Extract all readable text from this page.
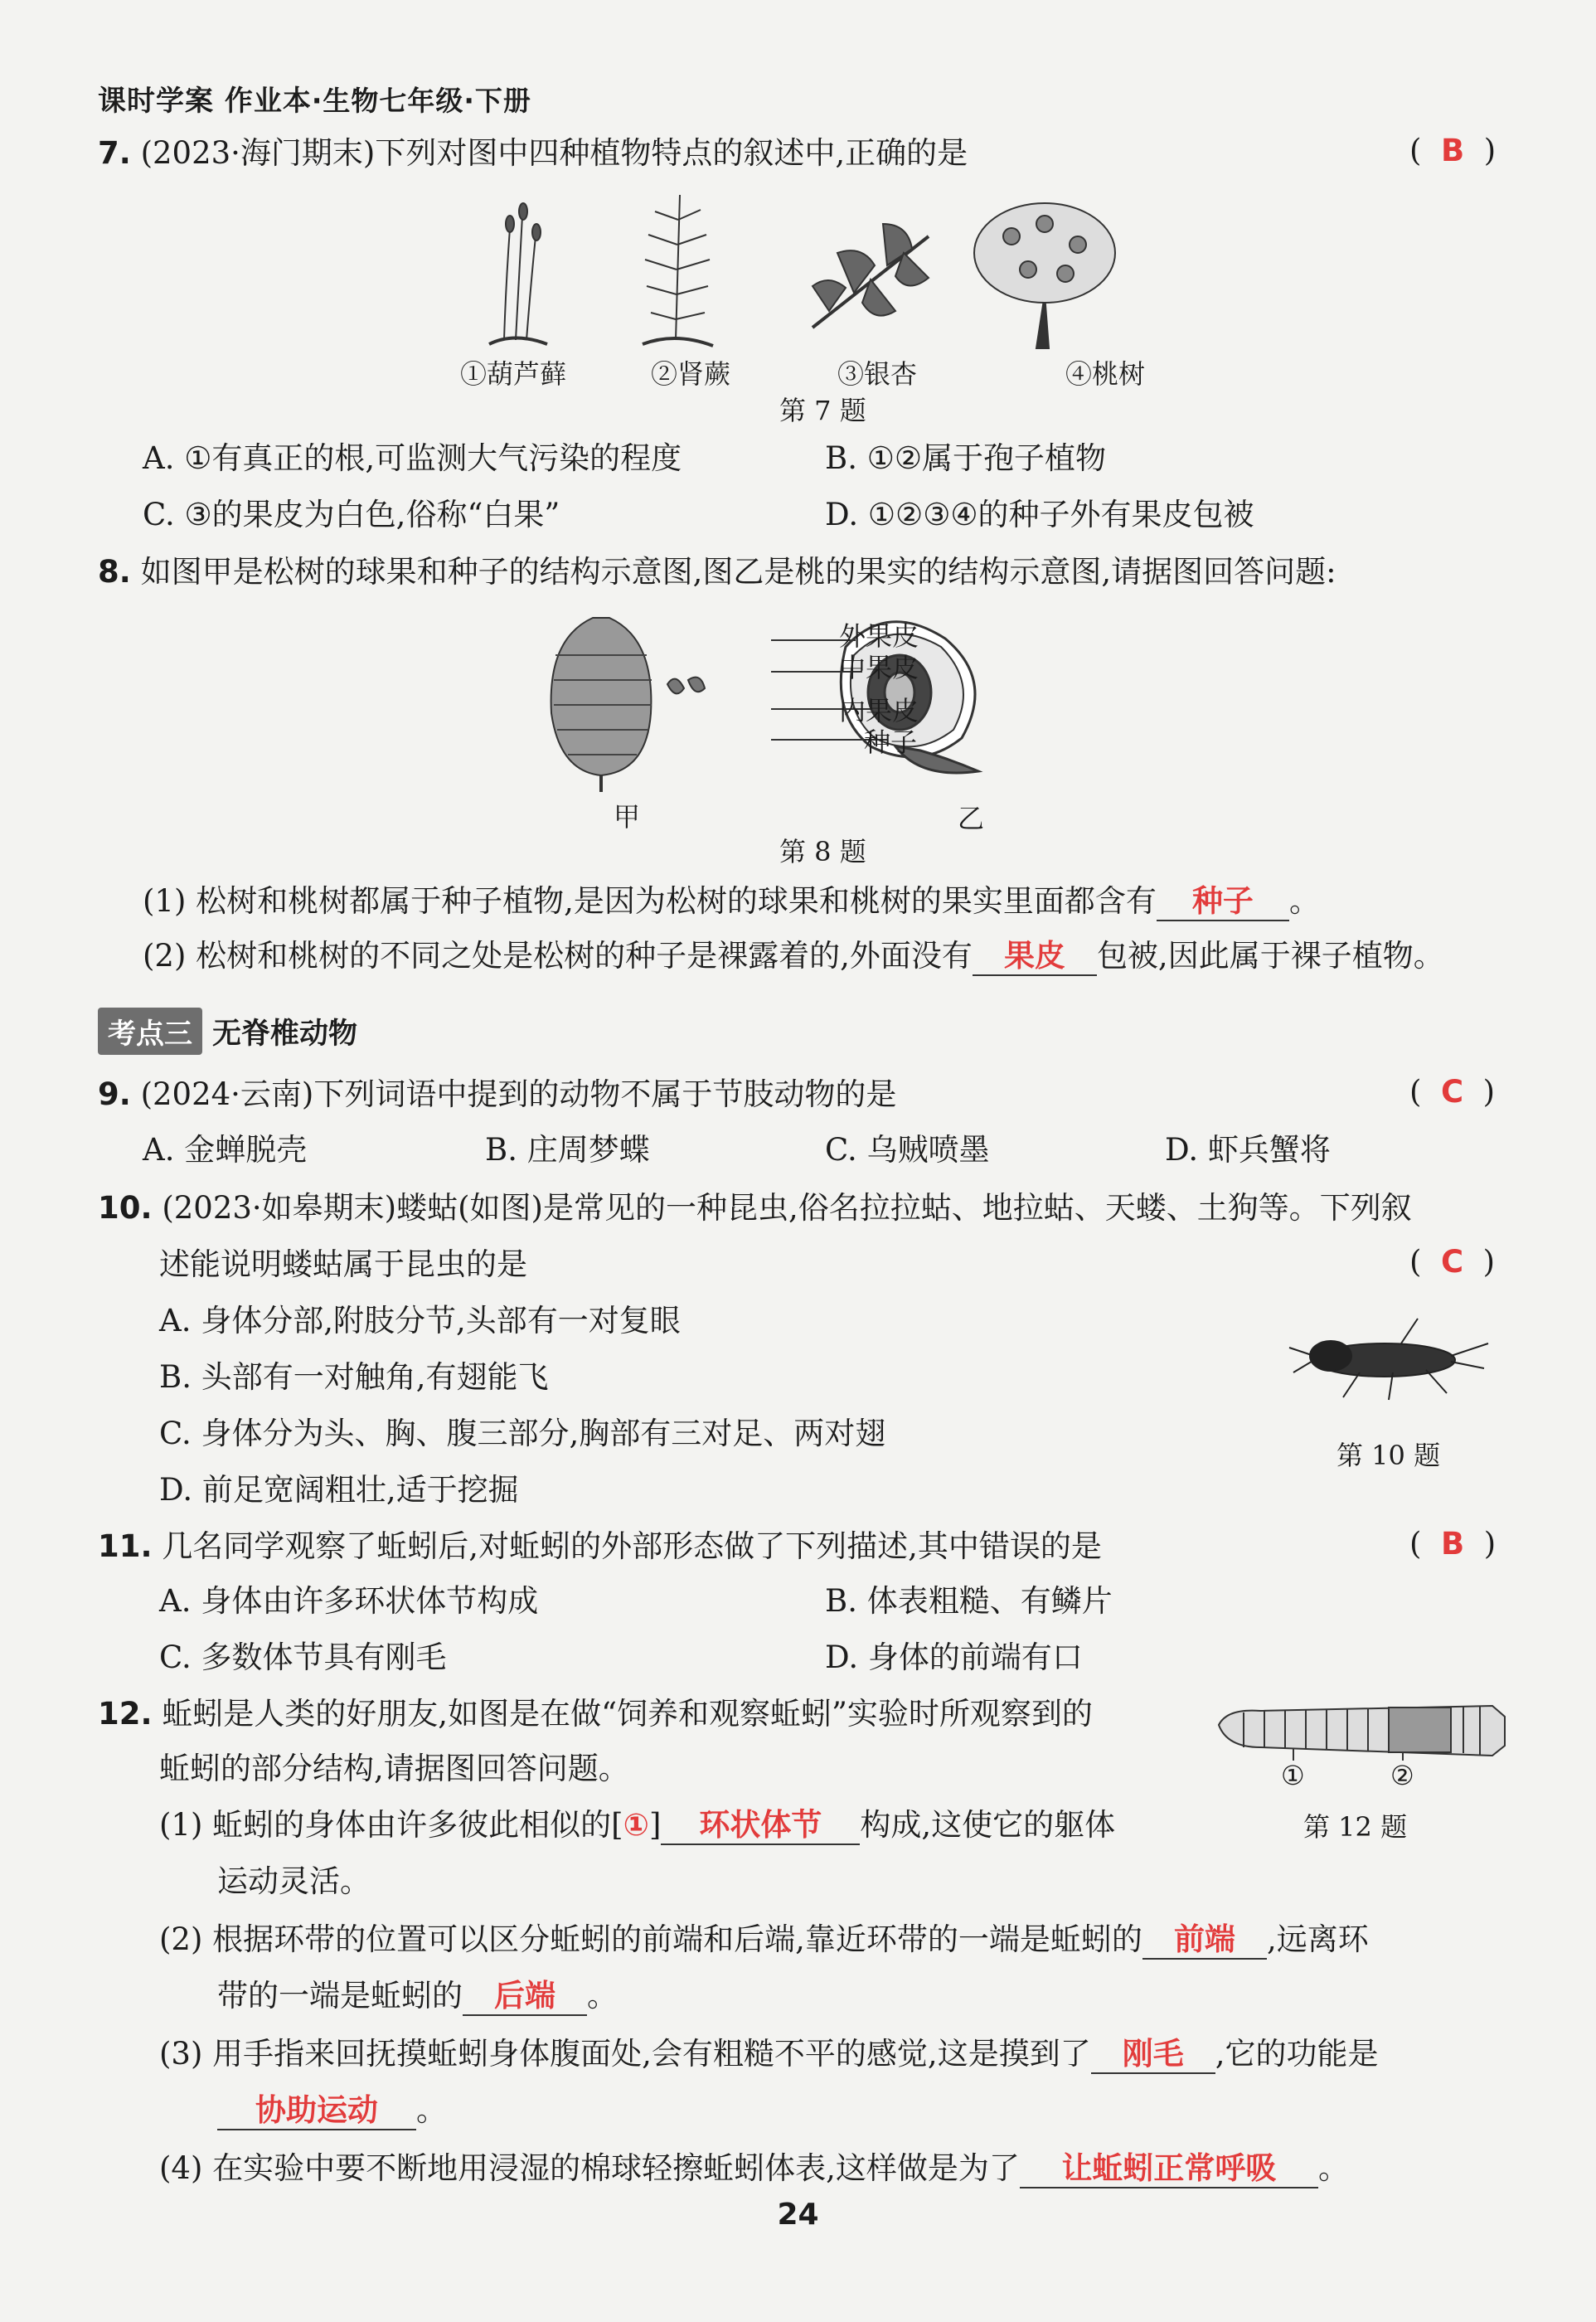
课时学案 作业本·生物七年级·下册
7. (2023·海门期末)下列对图中四种植物特点的叙述中,正确的是	(  B  )
①葫芦藓	②肾蕨	③银杏	④桃树
第 7 题
A. ①有真正的根,可监测大气污染的程度	B. ①②属于孢子植物
C. ③的果皮为白色,俗称“白果”	D. ①②③④的种子外有果皮包被
8. 如图甲是松树的球果和种子的结构示意图,图乙是桃的果实的结构示意图,请据图回答问题:
外果皮
中果皮
内果皮
种子
甲	乙
第 8 题
(1) 松树和桃树都属于种子植物,是因为松树的球果和桃树的果实里面都含有 种子 。
(2) 松树和桃树的不同之处是松树的种子是裸露着的,外面没有 果皮 包被,因此属于裸子植物。
考点三 无脊椎动物
9. (2024·云南)下列词语中提到的动物不属于节肢动物的是	(  C  )
A. 金蝉脱壳	B. 庄周梦蝶	C. 乌贼喷墨	D. 虾兵蟹将
10. (2023·如皋期末)蝼蛄(如图)是常见的一种昆虫,俗名拉拉蛄、地拉蛄、天蝼、土狗等。下列叙
述能说明蝼蛄属于昆虫的是	(  C  )
A. 身体分部,附肢分节,头部有一对复眼
B. 头部有一对触角,有翅能飞
C. 身体分为头、胸、腹三部分,胸部有三对足、两对翅
D. 前足宽阔粗壮,适于挖掘
第 10 题
11. 几名同学观察了蚯蚓后,对蚯蚓的外部形态做了下列描述,其中错误的是	(  B  )
A. 身体由许多环状体节构成	B. 体表粗糙、有鳞片
C. 多数体节具有刚毛	D. 身体的前端有口
12. 蚯蚓是人类的好朋友,如图是在做“饲养和观察蚯蚓”实验时所观察到的
蚯蚓的部分结构,请据图回答问题。	①	②
第 12 题
(1) 蚯蚓的身体由许多彼此相似的[①] 环状体节 构成,这使它的躯体
运动灵活。
(2) 根据环带的位置可以区分蚯蚓的前端和后端,靠近环带的一端是蚯蚓的 前端 ,远离环
带的一端是蚯蚓的 后端 。
(3) 用手指来回抚摸蚯蚓身体腹面处,会有粗糙不平的感觉,这是摸到了 刚毛 ,它的功能是
协助运动 。
(4) 在实验中要不断地用浸湿的棉球轻擦蚯蚓体表,这样做是为了 让蚯蚓正常呼吸 。
24
